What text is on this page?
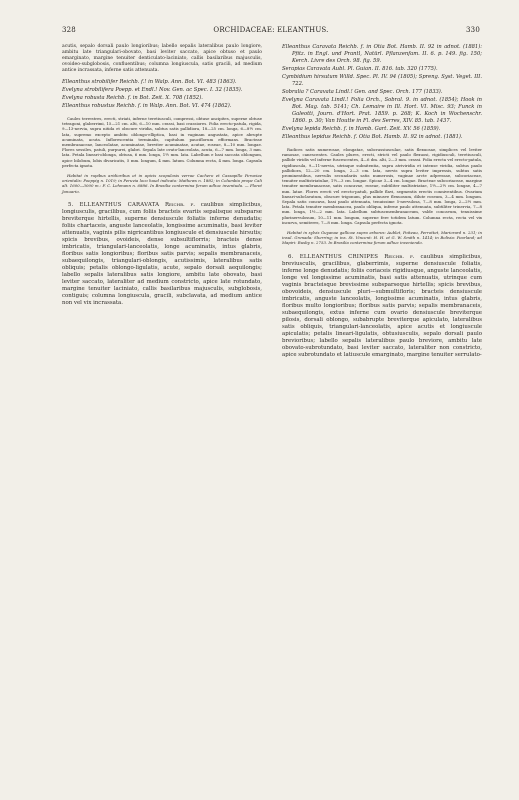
328	ORCHIDACEAE: ELEANTHUS.	330

acutis, sepalo dorsali paulo longioribus; labello sepalis lateralibus paulo longiore, ambitu late triangulari-obovato, basi leviter saccato, apice obtuso et paulo emarginato, margine tenuiter denticulato-laciniato, callis basilaribus majusculis, ovoideo-subglobosis, confluentibus; columna longiuscula, satis gracili, ad medium antice incrassata, inferne satis attenuata.

Elleanthus strobilifer Reichb. f.! in Walp. Ann. Bot. VI. 483 (1863).

Evelyna strobilifera Poepp. et Endl.! Nov. Gen. ac Spec. I. 32 (1835).

Evelyna robusta Reichb. f. in Bot. Zeit. X. 708 (1852).

Elleanthus robustus Reichb. f. in Walp. Ann. Bot. VI. 474 (1862).

Caules terrestres, erecti, striati, inferne teretiusculi, compressi, obtuse ancipites, superne obtuse tetragoni, glaberrimi, 15—21 cm. alti, 6—10 mm. crassi, basi crassiores. Folia erecto-patula, rigida, 9—13-nervia, supra nitida et obscure viridia, subtus satis pallidiora, 18—25 cm. longa, 6—8½ cm. lata, supremo excepto ambitu oblongo-elliptica, basi in vaginam angustata, apice abrupte acuminata, acuta. Inflorescentia terminalis, capitulum pauciflorum efformans. Bracteae membranaceae, lanceolatae, acuminatae, breviter acuminatae, acutae, roseae, 8—10 mm. longae. Flores sessiles, patuli, purpurei, glabri. Sepala late ovato-lanceolata, acuta, 6—7 mm. longa, 3 mm. lata. Petala lineari-oblonga, obtusa, 6 mm. longa, 1½ mm. lata. Labellum e basi saccata oblongum, apice bilobum, lobis divaricatis, 5 mm. longum, 4 mm. latum. Columna recta, 4 mm. longa. Capsula perfecta ignota.

Habitat in rupibus aridioribus et in apicis scopulosis verrae Cachero et Cassapillo Peruviae orientalis: Poeppig n. 1019; in Peruvia loco haud indicato: Mathews n. 1882; in Columbia prope Cali alt. 1600—3000 m.: F. C. Lehmann n. 6886. In Brasilia contermina ferum adhuc inventuda. — Floret Januario.

5. ELLEANTHUS CARAVATA Reichb. f. caulibus simplicibus, longiusculis, gracilibus, cum foliis bracteis evariis sepalisque subsparse breviterque hirtellis, superne densiuscule foliatis inferne denudatis; foliis chartaceis, anguste lanceolatis, longissime acuminatis, basi leviter attenuatis, vaginis pilis nigricantibus longiuscule et densiuscule hirsutis; spicis brevibus, ovoideis, dense subsultiflorris; bracteis dense imbricatis, triangulari-lanceolatis, longe acuminatis, intus glabris, floribus satis longioribus; floribus satis parvis; sepalis membranaceis, subaequilongis, triangulari-oblongis, acutissimis, lateralibus satis obliquis; petalis oblongo-ligulatis, acute, sepalo dorsali aequilongis; labello sepalis lateralibus satis longiore, ambitu late obovato, basi leviter saccato, lateraliter ad medium constricto, apice late rotundato, margine tenuiter laciniato, callis basilaribus majusculis, subglobosis, contiguis; columna longiuscula, gracili, subclavata, ad medium antice non vel vix incrassata.

Elleanthus Caravata Reichb. f. in Otia Bot. Hamb. II. 92 in adnot. (1881): Pfitz. in Engl. und Prantl, Natürl. Pflanzenfam. II. 6. p. 149. fig. 150; Kerch. Livre des Orch. 98. fig. 59.

Serapias Caravata Aubl. Pl. Guian. II. 816. tab. 320 (1775).

Cymbidium hirsutum Willd. Spec. Pl. IV. 94 (1805); Spreng. Syst. Veget. III. 722.

Sobralia ? Caravata Lindl.! Gen. and Spec. Orch. 177 (1833).

Evelyna Caravata Lindl.! Folia Orch., Sobral. 9. in adnot. (1854); Hook in Bot. Mag. tab. 5141; Ch. Lemaire in Ill. Hort. VI. Misc. 93; Funck in Galeotti, Journ. d'Hort. Prat. 1859. p. 268; K. Koch in Wochenschr. 1860. p. 30; Van Houtte in Fl. des Serres, XIV. 85. tab. 1437.

Evelyna lepida Reichb. f. in Hamb. Gart. Zeit. XV. 56 (1859).

Elleanthus lepidus Reichb. f. Otia Bot. Hamb. II. 92 in adnot. (1881).

Radices satis numerosae, elongatae, subcrassiusculae, satis flexuosae, simplices vel leviter ramosae, canescentes. Caules plures, erecti, stricti vel paulo flexuosi, rigidiusculi, teretiusculi, pallide viridis vel inferne fuscescentes, 4—6 dm. alti, 2—3 mm. crassi. Folia erecta vel erecto-patula, rigidiuscula, 9—11-nervia, utrinque subnitentia, supra atriviridia et intense viridia, subtus paulo pallidiora, 12—20 cm. longa, 2—3 cm. lata, nervis supra leviter impressis, subtus satis prominentibus, nervulis secundariis satis numerosis, vaginae arcte adpressae, subcoriaceae, tenuiter multistriatulae, 1½—3 cm. longae. Spicae 3—4 cm. longae. Bracteae subcoriaceae, margine tenuiter membranaceae, satis concavae, roseae, subtiliter multistriatae, 1½—2½ cm. longae, 4—7 mm. latae. Flores erecti vel erecto-patuli, pallide flavi, segmentis erectis conniventibus. Ovarium lineari-subclavatum, obscure trigonum, plus minusve flexuosum, dilute roseum, 3—4 mm. longum. Sepala satis concava, basi paulo attenuata, tenuissime 5-nervulosa, 7—8 mm. longa, 2—2½ mm. lata. Petala tenuiter membranacea, paulo obliqua, inferne paulo attenuata, subtiliter trinervia, 7—8 mm. longa, 1½—2 mm. lata. Labellum subtuscmembranaceum, valde concavum, tenuissime plurinervulosum, 10—11 mm. longum, superne fere totidem latum. Columna recta, recta vel vix incurva, semiteres, 7—8 mm. longa. Capsula perfecta ignota.

Habitat in sylvis Guyanae gallicae supra arbores: Aublet, Poiteau, Perrottet, Mariorard n. 231; in insul. Grenada: Sherring; in ins. St. Vincent: H. H. et G. W. Smith n. 1414; in Bolivia: Pearland; ad Mapiri: Rusby n. 2753. In Brasilia contermina ferum adhuc inveniendo.

6. ELLEANTHUS CRINIPES Reichb. f. caulibus simplicibus, breviusculis, gracilibus, glaberrimis, superne densiuscule foliatis, inferne longe denudatis; foliis coriaceis rigidiusque, anguste lanceolatis, longe vel longissime acuminatis, basi satis attenuatis, utrinque cum vaginis bracteisque brevissime subsparseque hirtellis; spicis brevibus, obovoideis, densiuscule pluri—submultifloris; bracteis densiuscule imbricatis, anguste lanceolatis, longissime acuminatis, intus glabris, floribus multo longioribus; floribus satis parvis; sepalis membranaceis, subaequilongis, extus inferne cum ovario densiuscule breviterque pilosis, dorsali oblongo, subabrupte breviterque apiculato, lateralibus satis obliquis, triangulari-lanceolatis, apice acutis et longiuscule apiculatis; petalis lineari-ligulatis, obtusiusculis, sepalo dorsali paulo brevioribus; labello sepalis lateralibus paulo breviore, ambitu late obovato-subrotundato, basi leviter saccato, lateraliter non constricto, apice subrotundato et latiuscule emarginato, margine tenuiter serrulato-
